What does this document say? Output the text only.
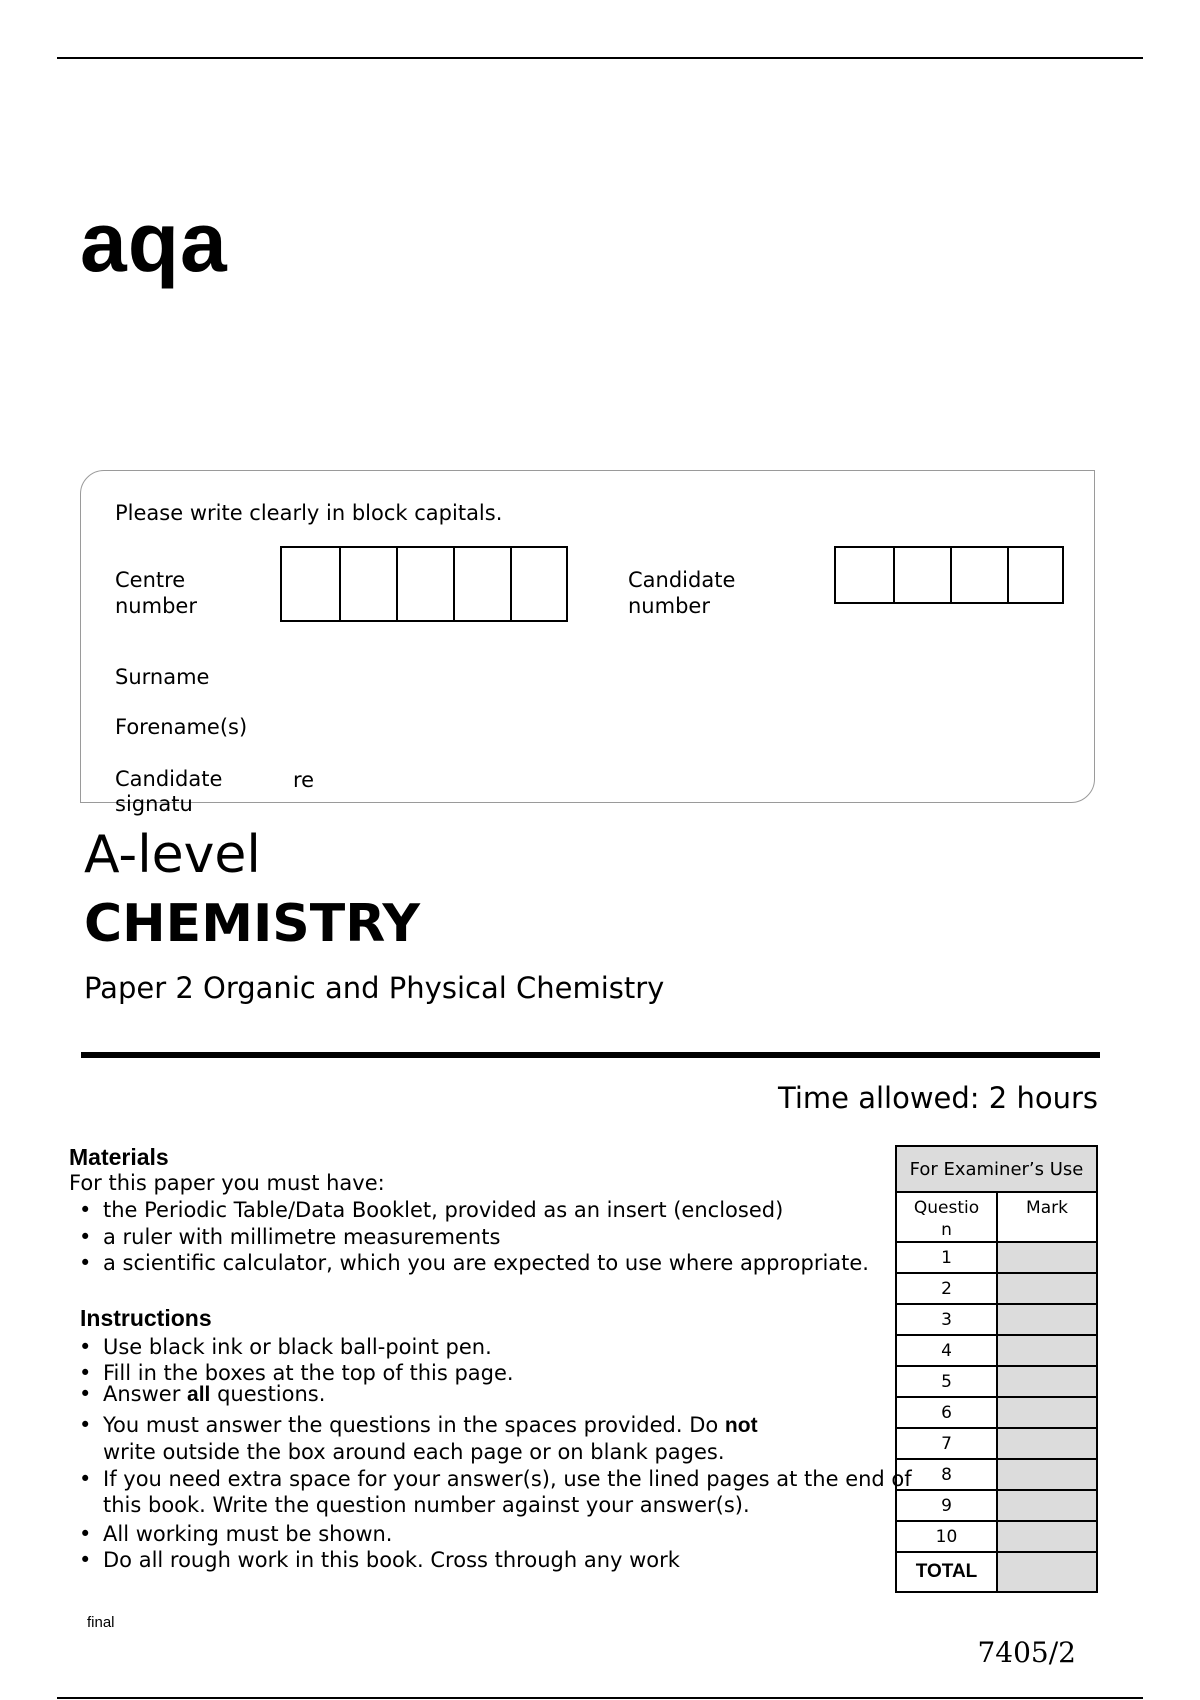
aqa
Please write clearly in block capitals.
Centre
number
Candidate
number
Surname
Forename(s)
Candidate
signatu
re
A-level
CHEMISTRY
Paper 2 Organic and Physical Chemistry
Time allowed: 2 hours
Materials
For this paper you must have:
• the Periodic Table/Data Booklet, provided as an insert (enclosed)
• a ruler with millimetre measurements
• a scientific calculator, which you are expected to use where appropriate.
Instructions
• Use black ink or black ball-point pen.
• Fill in the boxes at the top of this page.
• Answer all questions.
• You must answer the questions in the spaces provided. Do not
write outside the box around each page or on blank pages.
• If you need extra space for your answer(s), use the lined pages at the end of
this book. Write the question number against your answer(s).
• All working must be shown.
• Do all rough work in this book. Cross through any work
For Examiner’s Use	

Questio
n	Mark
1	
2	
3	
4	
5	
6	
7	
8	
9	
10	
TOTAL	
final
7405/2
